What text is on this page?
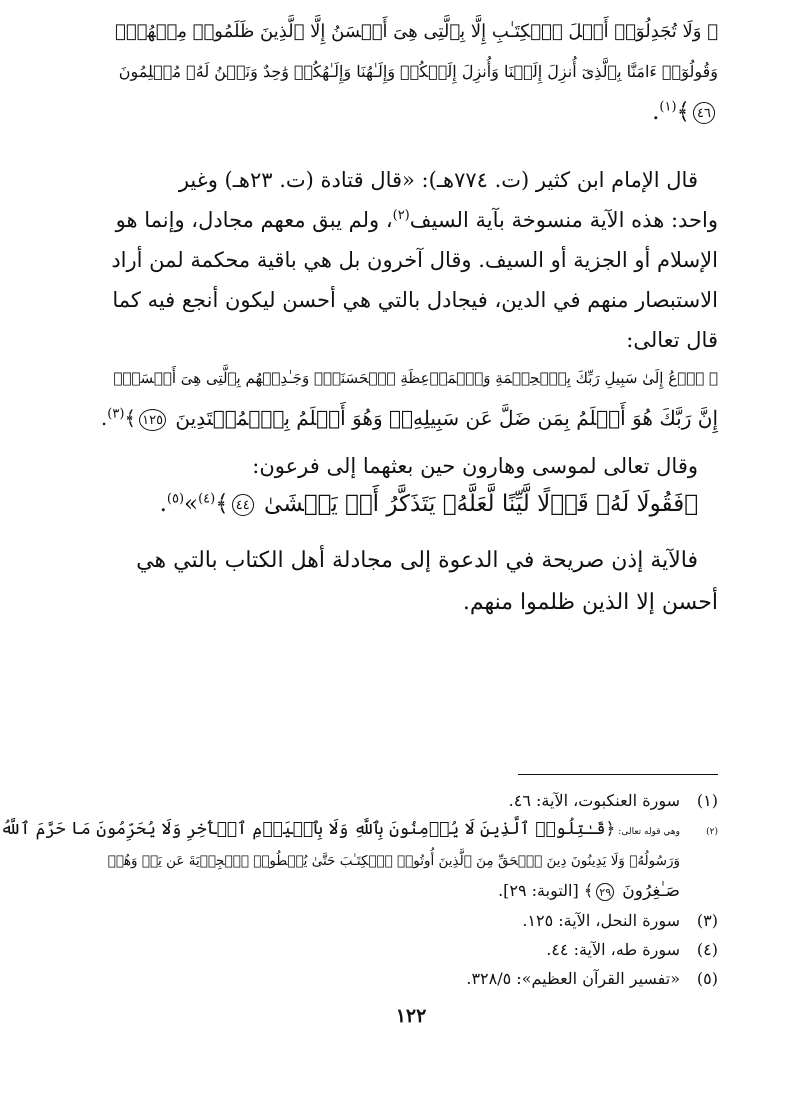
﴿ وَلَا تُجَدِلُوٓا۟ أَهۡلَ ٱلۡكِتَـٰبِ إِلَّا بِٱلَّتِى هِىَ أَحۡسَنُ إِلَّا ٱلَّذِينَ ظَلَمُوا۟ مِنۡهُمۡۖ
وَقُولُوٓا۟ ءَامَنَّا بِٱلَّذِىٓ أُنزِلَ إِلَيۡنَا وَأُنزِلَ إِلَيۡكُمۡ وَإِلَـٰهُنَا وَإِلَـٰهُكُمۡ وَٰحِدٌ وَنَحۡنُ لَهُۥ مُسۡلِمُونَ
٤٦﴾$^{(١)}$.
قال الإمام ابن كثير (ت. ٧٧٤هـ): «قال قتادة (ت. ٢٣هـ) وغير
واحد: هذه الآية منسوخة بآية السيف$^{(٢)}$، ولم يبق معهم مجادل، وإنما هو
الإسلام أو الجزية أو السيف. وقال آخرون بل هي باقية محكمة لمن أراد
الاستبصار منهم في الدين، فيجادل بالتي هي أحسن ليكون أنجع فيه كما
قال تعالى:
﴿ ٱدۡعُ إِلَىٰ سَبِيلِ رَبِّكَ بِٱلۡحِكۡمَةِ وَٱلۡمَوۡعِظَةِ ٱلۡحَسَنَةِۖ وَجَـٰدِلۡهُم بِٱلَّتِى هِىَ أَحۡسَنُۚ
إِنَّ رَبَّكَ هُوَ أَعۡلَمُ بِمَن ضَلَّ عَن سَبِيلِهِۦۖ وَهُوَ أَعۡلَمُ بِٱلۡمُهۡتَدِينَ ١٢٥﴾$^{(٣)}$.
وقال تعالى لموسى وهارون حين بعثهما إلى فرعون:
﴿فَقُولَا لَهُۥ قَوۡلًا لَّيِّنًا لَّعَلَّهُۥ يَتَذَكَّرُ أَوۡ يَخۡشَىٰ ٤٤﴾$^{(٤)}$»$^{(٥)}$.
فالآية إذن صريحة في الدعوة إلى مجادلة أهل الكتاب بالتي هي
أحسن إلا الذين ظلموا منهم.
(١)سورة العنكبوت، الآية: ٤٦.
(٢)وهي قوله تعالى: ﴿قَـٰتِلُوا۟ ٱلَّذِينَ لَا يُؤۡمِنُونَ بِٱللَّهِ وَلَا بِٱلۡيَوۡمِ ٱلۡأٓخِرِ وَلَا يُحَرِّمُونَ مَا حَرَّمَ ٱللَّهُ
وَرَسُولُهُۥ وَلَا يَدِينُونَ دِينَ ٱلۡحَقِّ مِنَ ٱلَّذِينَ أُوتُوا۟ ٱلۡكِتَـٰبَ حَتَّىٰ يُعۡطُوا۟ ٱلۡجِزۡيَةَ عَن يَدٖ وَهُمۡ
صَـٰغِرُونَ ٢٩﴾ [التوبة: ٢٩].
(٣)سورة النحل، الآية: ١٢٥.
(٤)سورة طه، الآية: ٤٤.
(٥)«تفسير القرآن العظيم»: ٣٢٨/٥.
١٢٢
